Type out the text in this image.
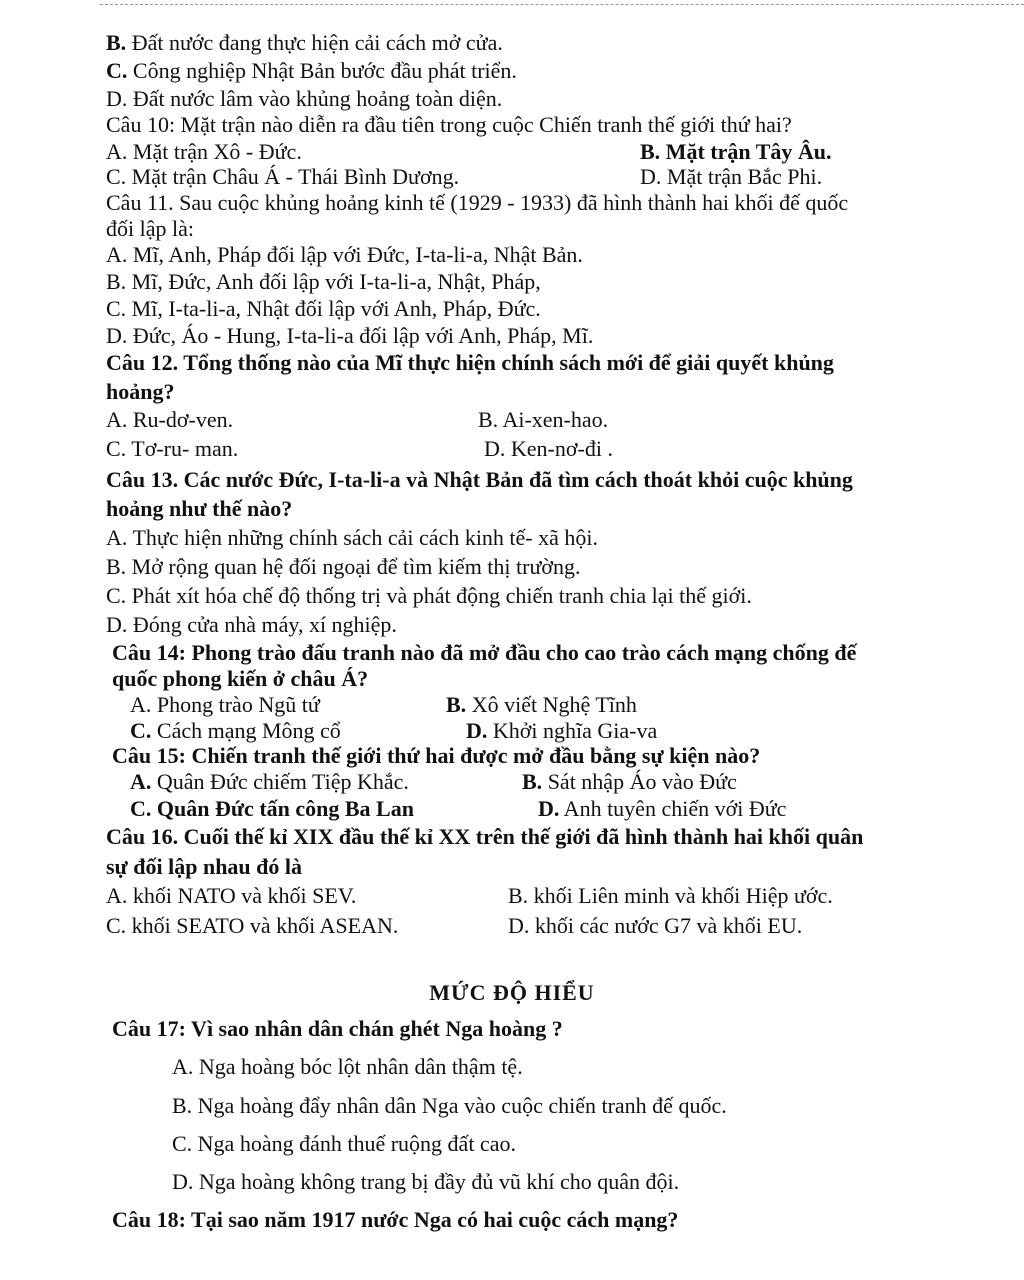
B. Đất nước đang thực hiện cải cách mở cửa.
C. Công nghiệp Nhật Bản bước đầu phát triển.
D. Đất nước lâm vào khủng hoảng toàn diện.
Câu 10: Mặt trận nào diễn ra đầu tiên trong cuộc Chiến tranh thế giới thứ hai?
A. Mặt trận Xô - Đức.	B. Mặt trận Tây Âu.
C. Mặt trận Châu Á - Thái Bình Dương.	D. Mặt trận Bắc Phi.
Câu 11. Sau cuộc khủng hoảng kinh tế (1929 - 1933) đã hình thành hai khối đế quốc
đối lập là:
A. Mĩ, Anh, Pháp đối lập với Đức, I-ta-li-a, Nhật Bản.
B. Mĩ, Đức, Anh đối lập với I-ta-li-a, Nhật, Pháp,
C. Mĩ, I-ta-li-a, Nhật đối lập với Anh, Pháp, Đức.
D. Đức, Áo - Hung, I-ta-li-a đối lập với Anh, Pháp, Mĩ.
Câu 12. Tổng thống nào của Mĩ thực hiện chính sách mới để giải quyết khủng
hoảng?
A. Ru-dơ-ven.	B. Ai-xen-hao.
C. Tơ-ru- man.	D. Ken-nơ-đi .
Câu 13. Các nước Đức, I-ta-li-a và Nhật Bản đã tìm cách thoát khỏi cuộc khủng
hoảng như thế nào?
A. Thực hiện những chính sách cải cách kinh tế- xã hội.
B. Mở rộng quan hệ đối ngoại để tìm kiếm thị trường.
C. Phát xít hóa chế độ thống trị và phát động chiến tranh chia lại thế giới.
D. Đóng cửa nhà máy, xí nghiệp.
Câu 14: Phong trào đấu tranh nào đã mở đầu cho cao trào cách mạng chống đế
quốc phong kiến ở châu Á?
A. Phong trào Ngũ tứ	B. Xô viết Nghệ Tĩnh
C. Cách mạng Mông cổ	D. Khởi nghĩa Gia-va
Câu 15: Chiến tranh thế giới thứ hai được mở đầu bằng sự kiện nào?
A. Quân Đức chiếm Tiệp Khắc.	B. Sát nhập Áo vào Đức
C. Quân Đức tấn công Ba Lan	D. Anh tuyên chiến với Đức
Câu 16. Cuối thế kỉ XIX đầu thế kỉ XX trên thế giới đã hình thành hai khối quân
sự đối lập nhau đó là
A. khối NATO và khối SEV.	B. khối Liên minh và khối Hiệp ước.
C. khối SEATO và khối ASEAN.	D. khối các nước G7 và khối EU.
MỨC ĐỘ HIỂU
Câu 17: Vì sao nhân dân chán ghét Nga hoàng ?
A. Nga hoàng bóc lột nhân dân thậm tệ.
B. Nga hoàng đẩy nhân dân Nga vào cuộc chiến tranh đế quốc.
C. Nga hoàng đánh thuế ruộng đất cao.
D. Nga hoàng không trang bị đầy đủ vũ khí cho quân đội.
Câu 18: Tại sao năm 1917 nước Nga có hai cuộc cách mạng?
